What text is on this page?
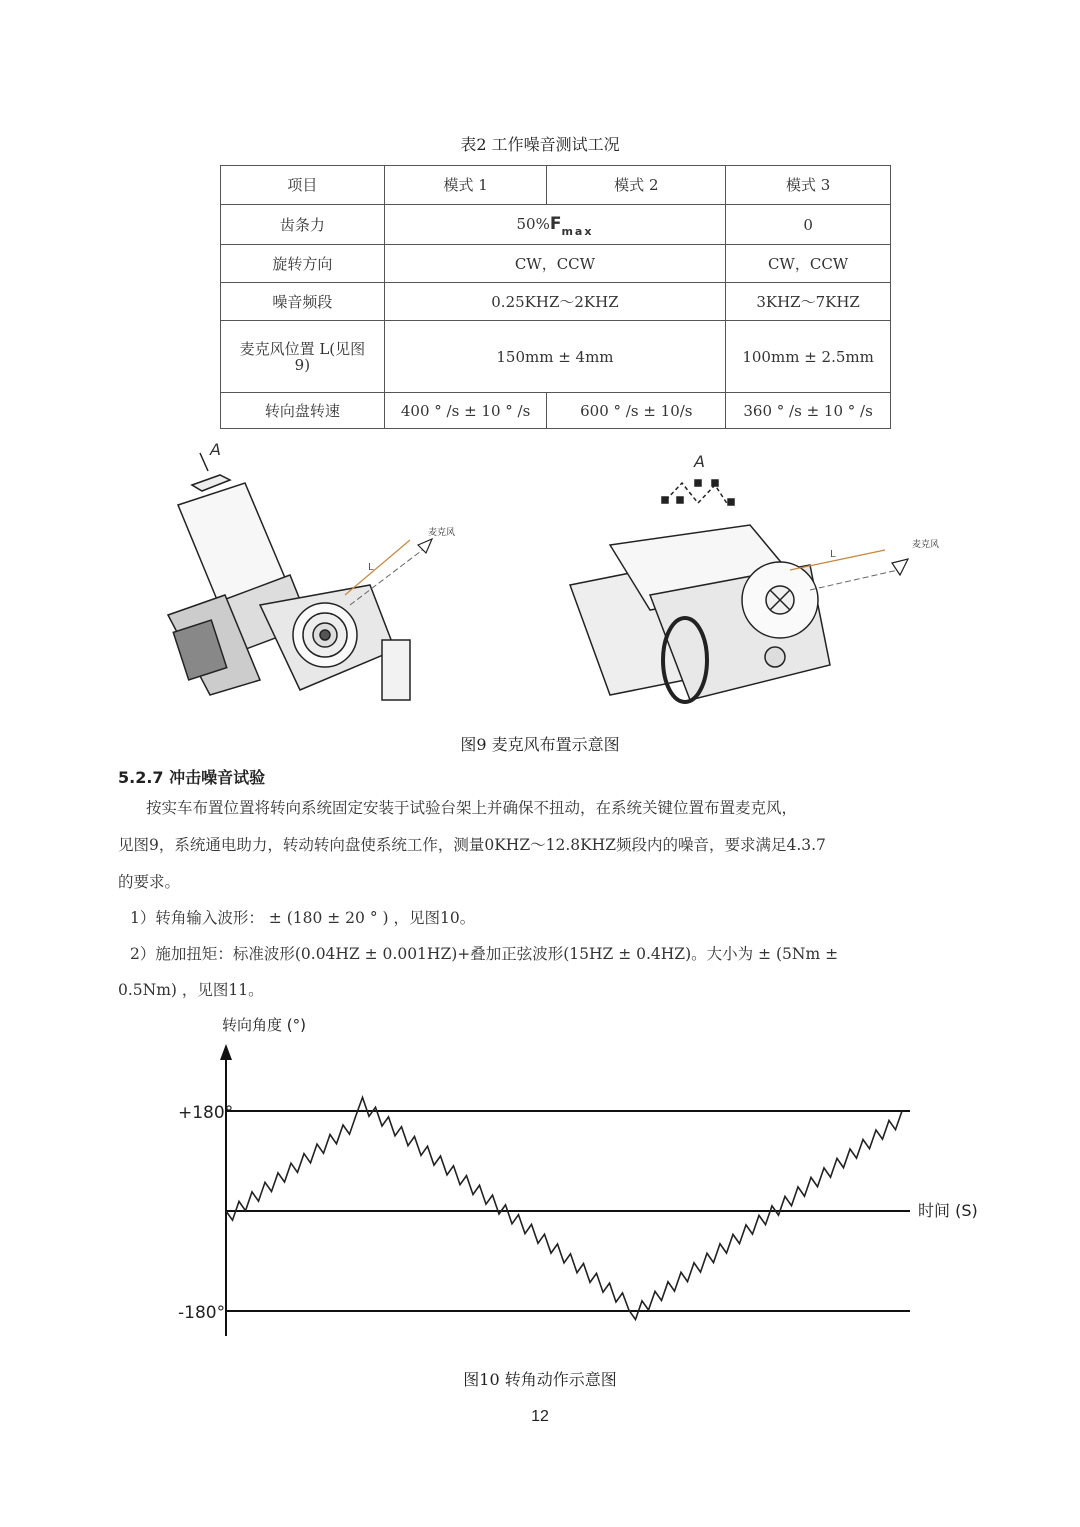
表2 工作噪音测试工况
项目	模式 1	模式 2	模式 3
齿条力	$50\%F_{max}$		0
旋转方向	CW，CCW		CW，CCW
噪音频段	0.25KHZ～2KHZ		3KHZ～7KHZ
麦克风位置 L(见图
9)	150mm ± 4mm		100mm ± 2.5mm
转向盘转速	400 ° /s ± 10 ° /s	600 ° /s ± 10/s	360 ° /s ± 10 ° /s
A
L
麦克风
A
L
麦克风
图9 麦克风布置示意图
5.2.7 冲击噪音试验
按实车布置位置将转向系统固定安装于试验台架上并确保不扭动，在系统关键位置布置麦克风，
见图9，系统通电助力，转动转向盘使系统工作，测量0KHZ～12.8KHZ频段内的噪音，要求满足4.3.7
的要求。
1）转角输入波形： ± (180 ± 20 ° ) ，见图10。
2）施加扭矩：标准波形(0.04HZ ± 0.001HZ)+叠加正弦波形(15HZ ± 0.4HZ)。大小为 ± (5Nm ±
0.5Nm) ，见图11。
转向角度 (°)
+180°
-180°
时间 (S)
图10 转角动作示意图
12
